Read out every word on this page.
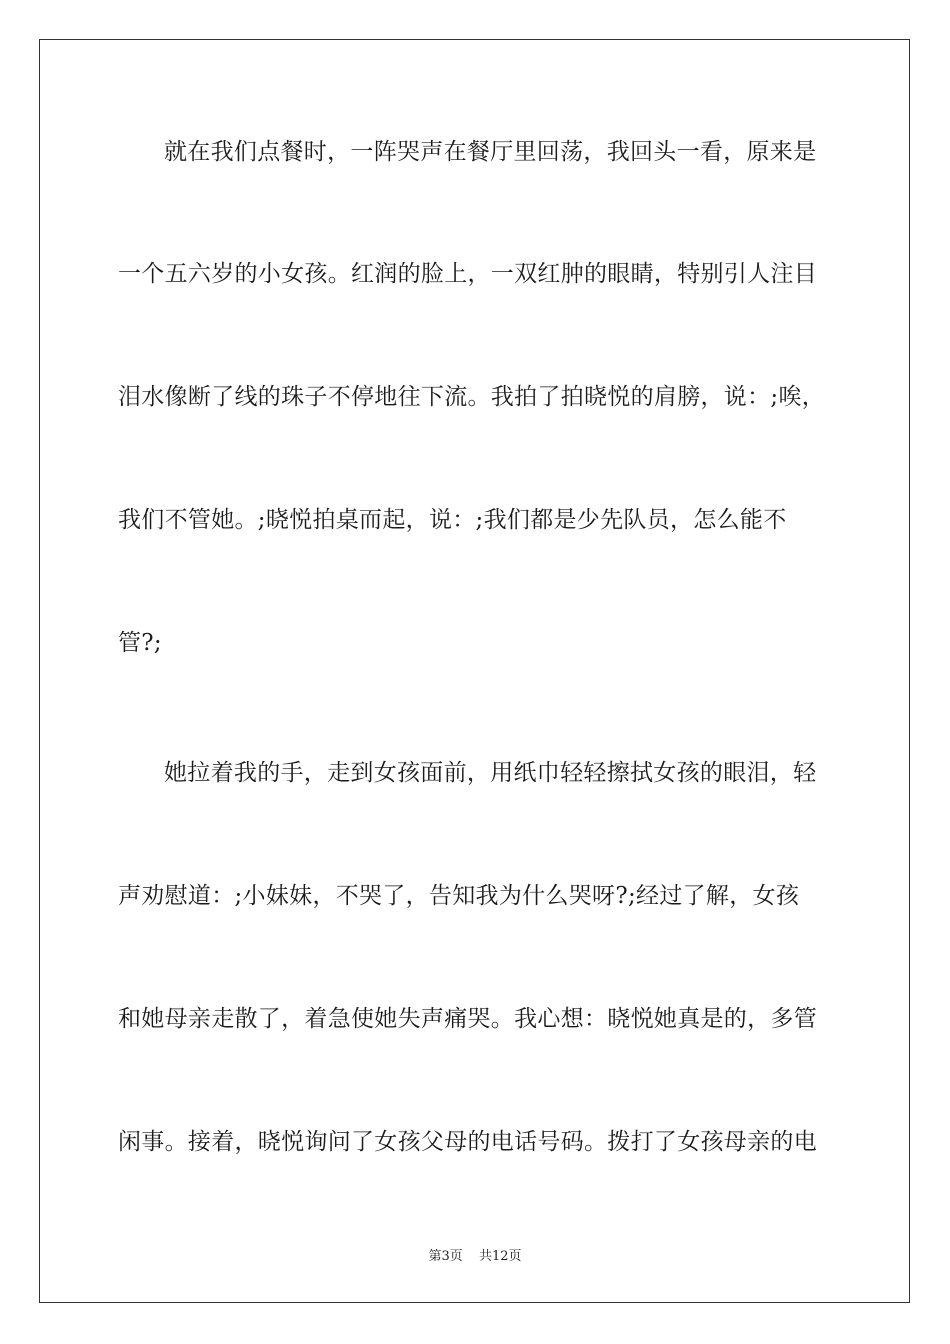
就在我们点餐时，一阵哭声在餐厅里回荡，我回头一看，原来是
一个五六岁的小女孩。红润的脸上，一双红肿的眼睛，特别引人注目
泪水像断了线的珠子不停地往下流。我拍了拍晓悦的肩膀，说：;唉，
我们不管她。;晓悦拍桌而起，说：;我们都是少先队员，怎么能不
管?;
她拉着我的手，走到女孩面前，用纸巾轻轻擦拭女孩的眼泪，轻
声劝慰道：;小妹妹，不哭了，告知我为什么哭呀?;经过了解，女孩
和她母亲走散了，着急使她失声痛哭。我心想：晓悦她真是的，多管
闲事。接着，晓悦询问了女孩父母的电话号码。拨打了女孩母亲的电
第3页 共12页
